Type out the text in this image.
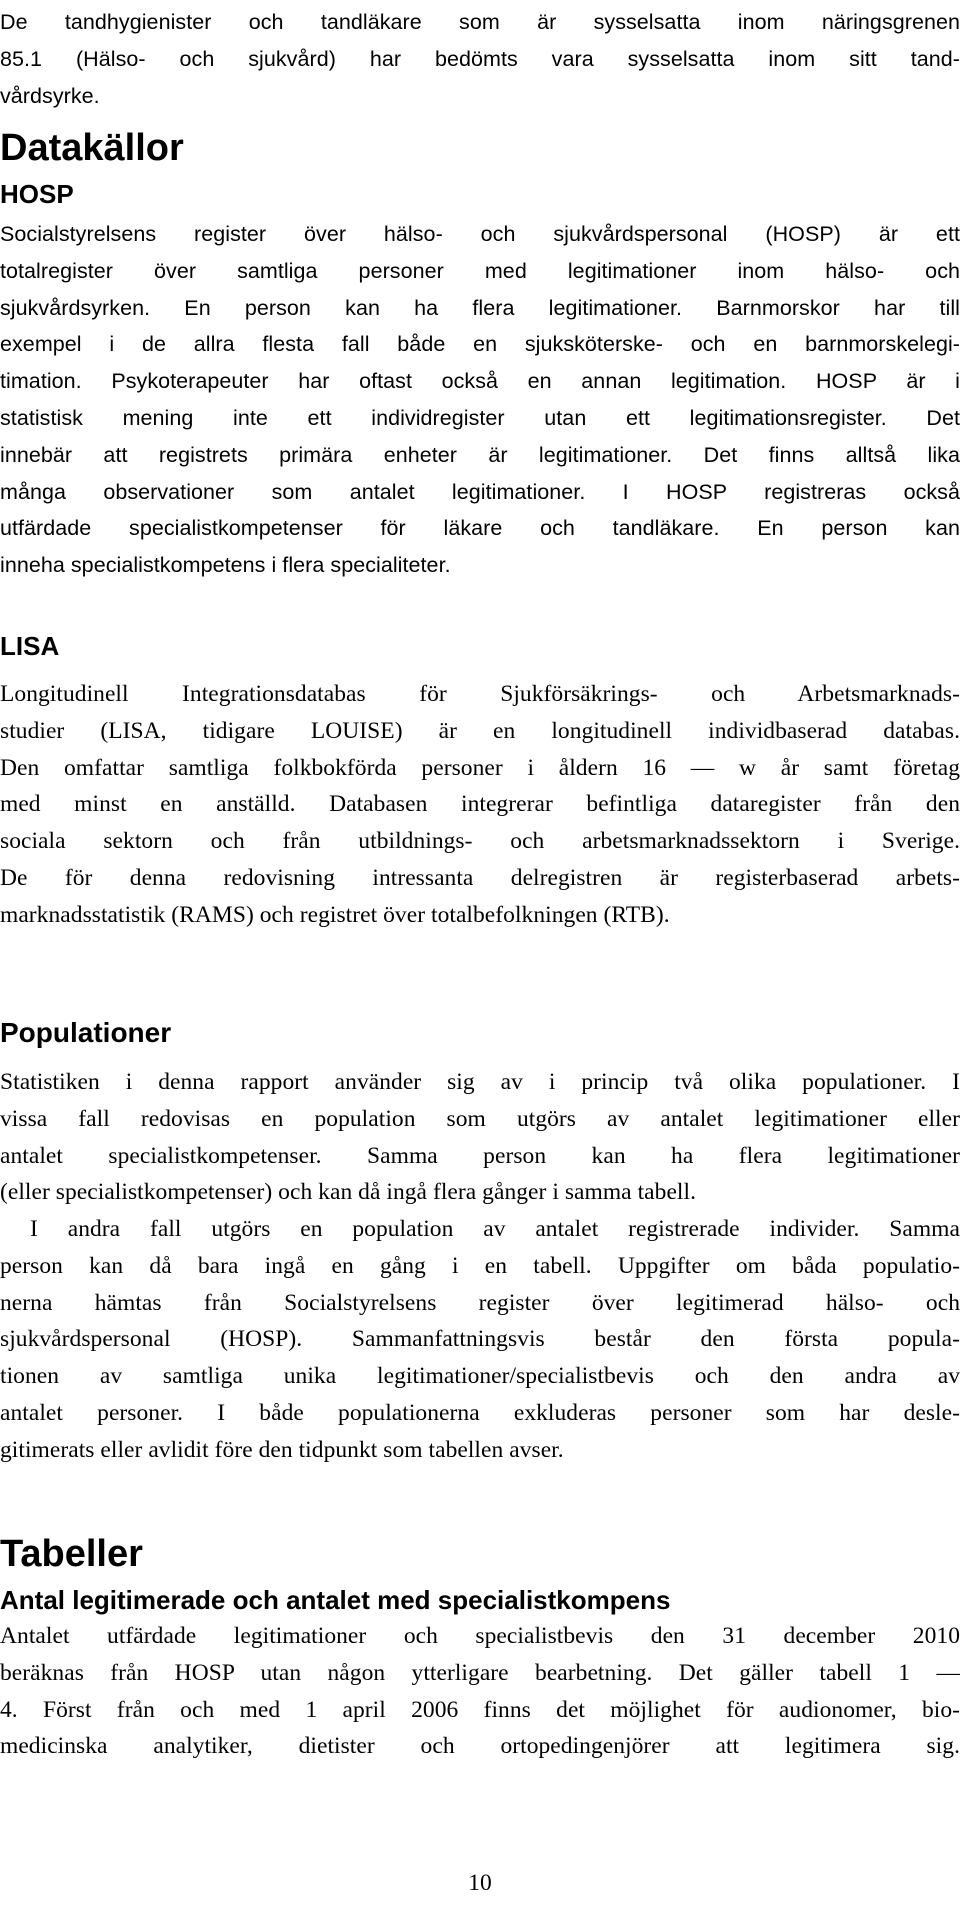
De tandhygienister och tandläkare som är sysselsatta inom näringsgrenen
85.1 (Hälso- och sjukvård) har bedömts vara sysselsatta inom sitt tand-
vårdsyrke.

Datakällor
HOSP

Socialstyrelsens register över hälso- och sjukvårdspersonal (HOSP) är ett
totalregister över samtliga personer med legitimationer inom hälso- och
sjukvårdsyrken. En person kan ha flera legitimationer. Barnmorskor har till
exempel i de allra flesta fall både en sjuksköterske- och en barnmorskelegi-
timation. Psykoterapeuter har oftast också en annan legitimation. HOSP är i
statistisk mening inte ett individregister utan ett legitimationsregister. Det
innebär att registrets primära enheter är legitimationer. Det finns alltså lika
många observationer som antalet legitimationer. I HOSP registreras också
utfärdade specialistkompetenser för läkare och tandläkare. En person kan
inneha specialistkompetens i flera specialiteter.

LISA

Longitudinell Integrationsdatabas för Sjukförsäkrings- och Arbetsmarknads-
studier (LISA, tidigare LOUISE) är en longitudinell individbaserad databas.
Den omfattar samtliga folkbokförda personer i åldern 16 — w år samt företag
med minst en anställd. Databasen integrerar befintliga dataregister från den
sociala sektorn och från utbildnings- och arbetsmarknadssektorn i Sverige.
De för denna redovisning intressanta delregistren är registerbaserad arbets-
marknadsstatistik (RAMS) och registret över totalbefolkningen (RTB).

Populationer

Statistiken i denna rapport använder sig av i princip två olika populationer. I
vissa fall redovisas en population som utgörs av antalet legitimationer eller
antalet specialistkompetenser. Samma person kan ha flera legitimationer
(eller specialistkompetenser) och kan då ingå flera gånger i samma tabell.

I andra fall utgörs en population av antalet registrerade individer. Samma
person kan då bara ingå en gång i en tabell. Uppgifter om båda populatio-
nerna hämtas från Socialstyrelsens register över legitimerad hälso- och
sjukvårdspersonal (HOSP). Sammanfattningsvis består den första popula-
tionen av samtliga unika legitimationer/specialistbevis och den andra av
antalet personer. I både populationerna exkluderas personer som har desle-
gitimerats eller avlidit före den tidpunkt som tabellen avser.

Tabeller
Antal legitimerade och antalet med specialistkompens

Antalet utfärdade legitimationer och specialistbevis den 31 december 2010
beräknas från HOSP utan någon ytterligare bearbetning. Det gäller tabell 1 —
4. Först från och med 1 april 2006 finns det möjlighet för audionomer, bio-
medicinska analytiker, dietister och ortopedingenjörer att legitimera sig.

10
